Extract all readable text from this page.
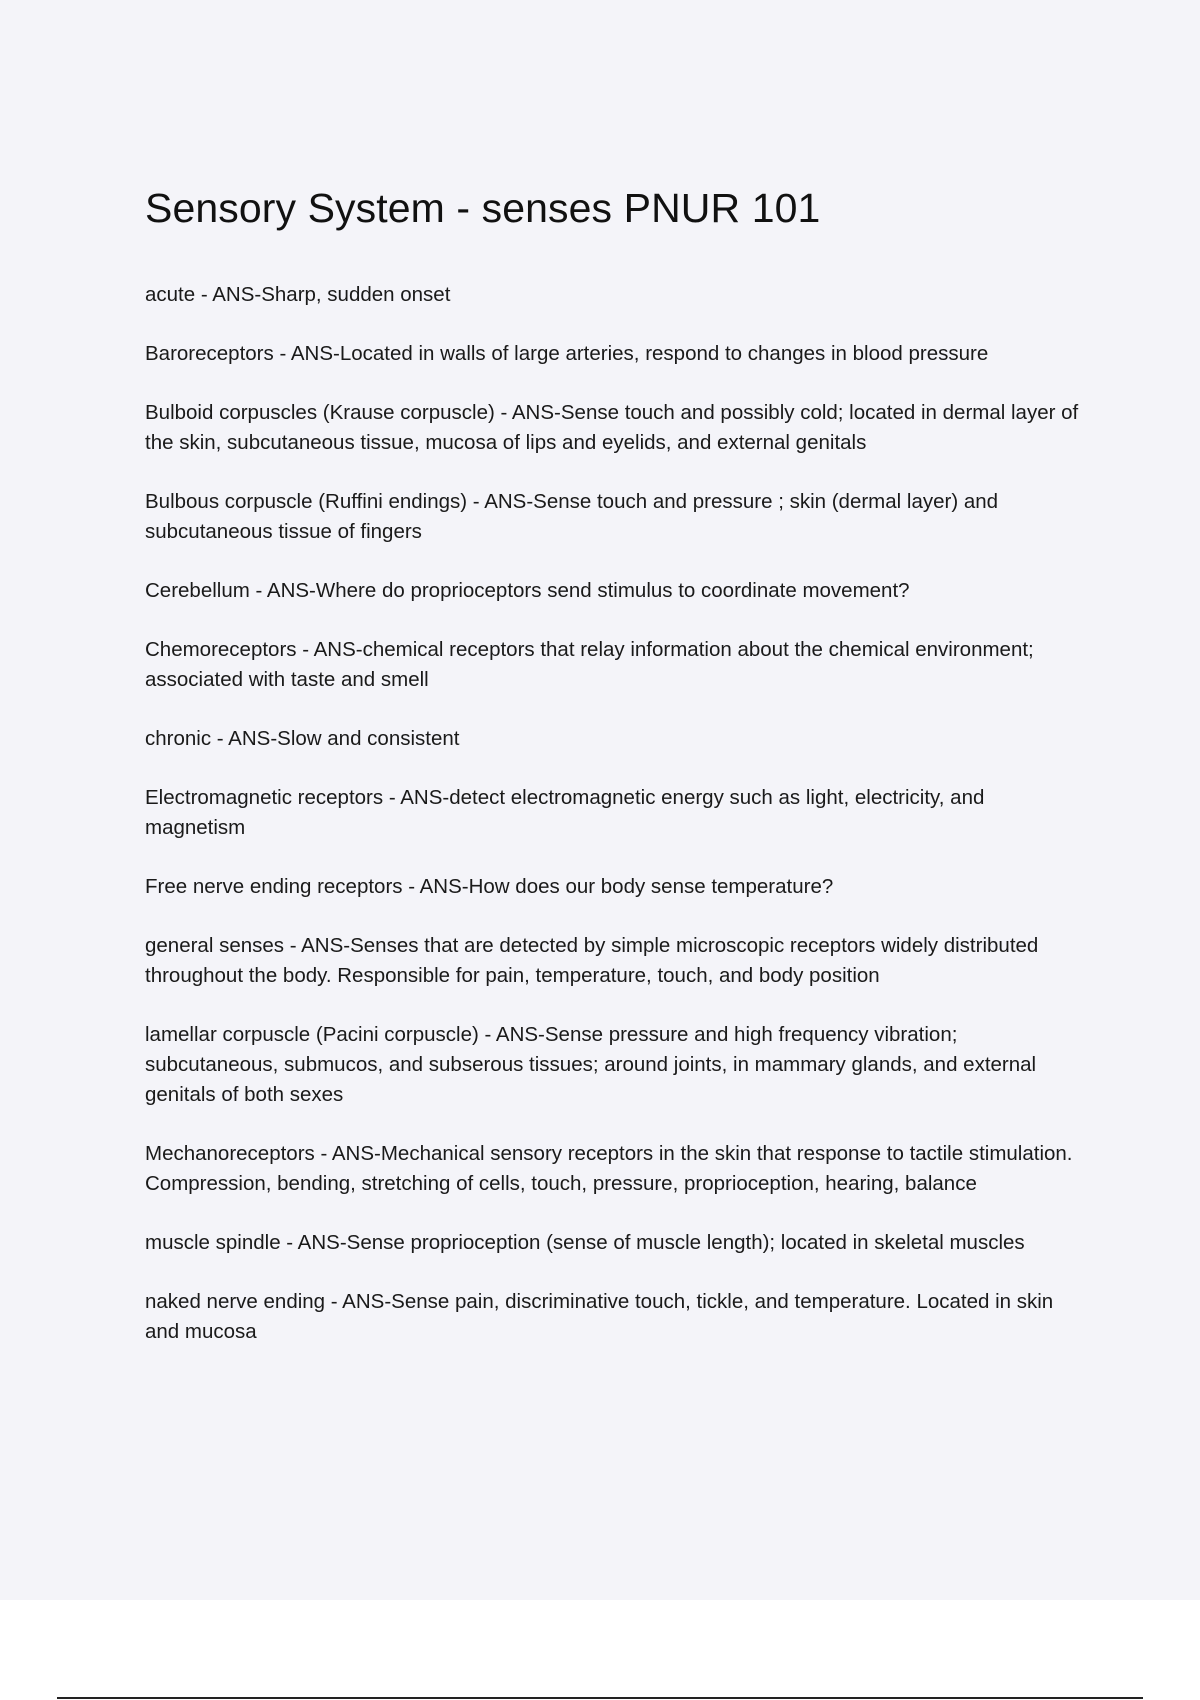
Sensory System - senses PNUR 101

acute - ANS-Sharp, sudden onset

Baroreceptors - ANS-Located in walls of large arteries, respond to changes in blood pressure

Bulboid corpuscles (Krause corpuscle) - ANS-Sense touch and possibly cold; located in dermal layer of the skin, subcutaneous tissue, mucosa of lips and eyelids, and external genitals

Bulbous corpuscle (Ruffini endings) - ANS-Sense touch and pressure ; skin (dermal layer) and subcutaneous tissue of fingers

Cerebellum - ANS-Where do proprioceptors send stimulus to coordinate movement?

Chemoreceptors - ANS-chemical receptors that relay information about the chemical environment; associated with taste and smell

chronic - ANS-Slow and consistent

Electromagnetic receptors - ANS-detect electromagnetic energy such as light, electricity, and magnetism

Free nerve ending receptors - ANS-How does our body sense temperature?

general senses - ANS-Senses that are detected by simple microscopic receptors widely distributed throughout the body. Responsible for pain, temperature, touch, and body position

lamellar corpuscle (Pacini corpuscle) - ANS-Sense pressure and high frequency vibration; subcutaneous, submucos, and subserous tissues; around joints, in mammary glands, and external genitals of both sexes

Mechanoreceptors - ANS-Mechanical sensory receptors in the skin that response to tactile stimulation. Compression, bending, stretching of cells, touch, pressure, proprioception, hearing, balance

muscle spindle - ANS-Sense proprioception (sense of muscle length); located in skeletal muscles

naked nerve ending - ANS-Sense pain, discriminative touch, tickle, and temperature. Located in skin and mucosa
